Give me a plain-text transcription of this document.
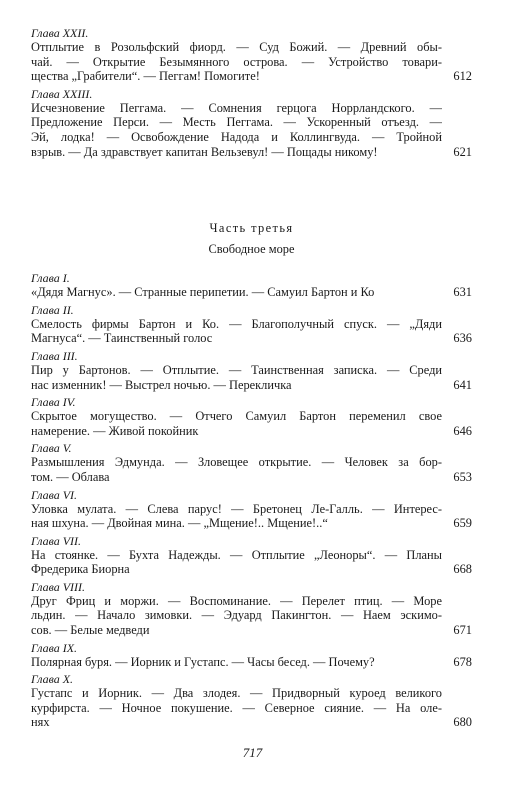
Глава XXII.
Отплытие в Розольфский фиорд. — Суд Божий. — Древний обы-
чай. — Открытие Безымянного острова. — Устройство товари-
щества „Грабители“. — Пеггам! Помогите!	612
Глава XXIII.
Исчезновение Пеггама. — Сомнения герцога Норрландского. —
Предложение Перси. — Месть Пеггама. — Ускоренный отъезд. —
Эй, лодка! — Освобождение Надода и Коллингвуда. — Тройной
взрыв. — Да здравствует капитан Вельзевул! — Пощады никому!	621
Часть третья
Свободное море
Глава I.
«Дядя Магнус». — Странные перипетии. — Самуил Бартон и Ко	631
Глава II.
Смелость фирмы Бартон и Ко. — Благополучный спуск. — „Дяди
Магнуса“. — Таинственный голос	636
Глава III.
Пир у Бартонов. — Отплытие. — Таинственная записка. — Среди
нас изменник! — Выстрел ночью. — Перекличка	641
Глава IV.
Скрытое могущество. — Отчего Самуил Бартон переменил свое
намерение. — Живой покойник	646
Глава V.
Размышления Эдмунда. — Зловещее открытие. — Человек за бор-
том. — Облава	653
Глава VI.
Уловка мулата. — Слева парус! — Бретонец Ле-Галль. — Интерес-
ная шхуна. — Двойная мина. — „Мщение!.. Мщение!..“	659
Глава VII.
На стоянке. — Бухта Надежды. — Отплытие „Леоноры“. — Планы
Фредерика Биорна	668
Глава VIII.
Друг Фриц и моржи. — Воспоминание. — Перелет птиц. — Море
льдин. — Начало зимовки. — Эдуард Пакингтон. — Наем эскимо-
сов. — Белые медведи	671
Глава IX.
Полярная буря. — Иорник и Густапс. — Часы бесед. — Почему?	678
Глава X.
Густапс и Иорник. — Два злодея. — Придворный куроед великого
курфирста. — Ночное покушение. — Северное сияние. — На оле-
нях	680
717
